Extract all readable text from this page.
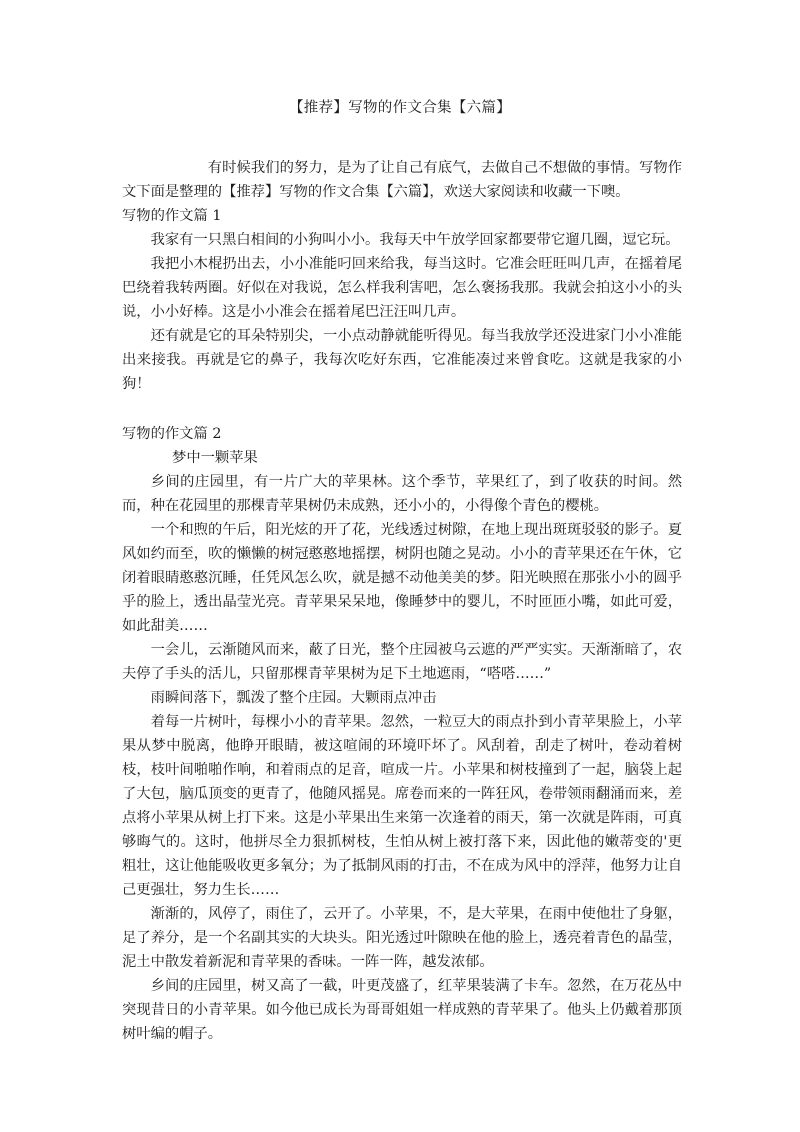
【推荐】写物的作文合集【六篇】

有时候我们的努力，是为了让自己有底气，去做自己不想做的事情。写物作文下面是整理的【推荐】写物的作文合集【六篇】，欢送大家阅读和收藏一下噢。

写物的作文篇 1

我家有一只黑白相间的小狗叫小小。我每天中午放学回家都要带它遛几圈，逗它玩。

我把小木棍扔出去，小小准能叼回来给我，每当这时。它准会旺旺叫几声，在摇着尾巴绕着我转两圈。好似在对我说，怎么样我利害吧，怎么褒扬我那。我就会拍这小小的头说，小小好棒。这是小小准会在摇着尾巴汪汪叫几声。

还有就是它的耳朵特别尖，一小点动静就能听得见。每当我放学还没进家门小小准能出来接我。再就是它的鼻子，我每次吃好东西，它准能凑过来曾食吃。这就是我家的小狗！

写物的作文篇 2

梦中一颗苹果

乡间的庄园里，有一片广大的苹果林。这个季节，苹果红了，到了收获的时间。然而，种在花园里的那棵青苹果树仍未成熟，还小小的，小得像个青色的樱桃。

一个和煦的午后，阳光炫的开了花，光线透过树隙，在地上现出斑斑驳驳的影子。夏风如约而至，吹的懒懒的树冠憨憨地摇摆，树阴也随之晃动。小小的青苹果还在午休，它闭着眼睛憨憨沉睡，任凭风怎么吹，就是撼不动他美美的梦。阳光映照在那张小小的圆乎乎的脸上，透出晶莹光亮。青苹果呆呆地，像睡梦中的婴儿，不时匝匝小嘴，如此可爱，如此甜美……

一会儿，云渐随风而来，蔽了日光，整个庄园被乌云遮的严严实实。天渐渐暗了，农夫停了手头的活儿，只留那棵青苹果树为足下土地遮雨，“嗒嗒……”

雨瞬间落下，瓢泼了整个庄园。大颗雨点冲击

着每一片树叶，每棵小小的青苹果。忽然，一粒豆大的雨点扑到小青苹果脸上，小苹果从梦中脱离，他睁开眼睛，被这喧闹的环境吓坏了。风刮着，刮走了树叶，卷动着树枝，枝叶间啪啪作响，和着雨点的足音，喧成一片。小苹果和树枝撞到了一起，脑袋上起了大包，脑瓜顶变的更青了，他随风摇晃。席卷而来的一阵狂风，卷带领雨翻涌而来，差点将小苹果从树上打下来。这是小苹果出生来第一次逢着的雨天，第一次就是阵雨，可真够晦气的。这时，他拼尽全力狠抓树枝，生怕从树上被打落下来，因此他的嫩蒂变的'更粗壮，这让他能吸收更多氧分；为了抵制风雨的打击，不在成为风中的浮萍，他努力让自己更强壮，努力生长……

渐渐的，风停了，雨住了，云开了。小苹果，不，是大苹果，在雨中使他壮了身躯，足了养分，是一个名副其实的大块头。阳光透过叶隙映在他的脸上，透亮着青色的晶莹，泥土中散发着新泥和青苹果的香味。一阵一阵，越发浓郁。

乡间的庄园里，树又高了一截，叶更茂盛了，红苹果装满了卡车。忽然，在万花丛中突现昔日的小青苹果。如今他已成长为哥哥姐姐一样成熟的青苹果了。他头上仍戴着那顶树叶编的帽子。
